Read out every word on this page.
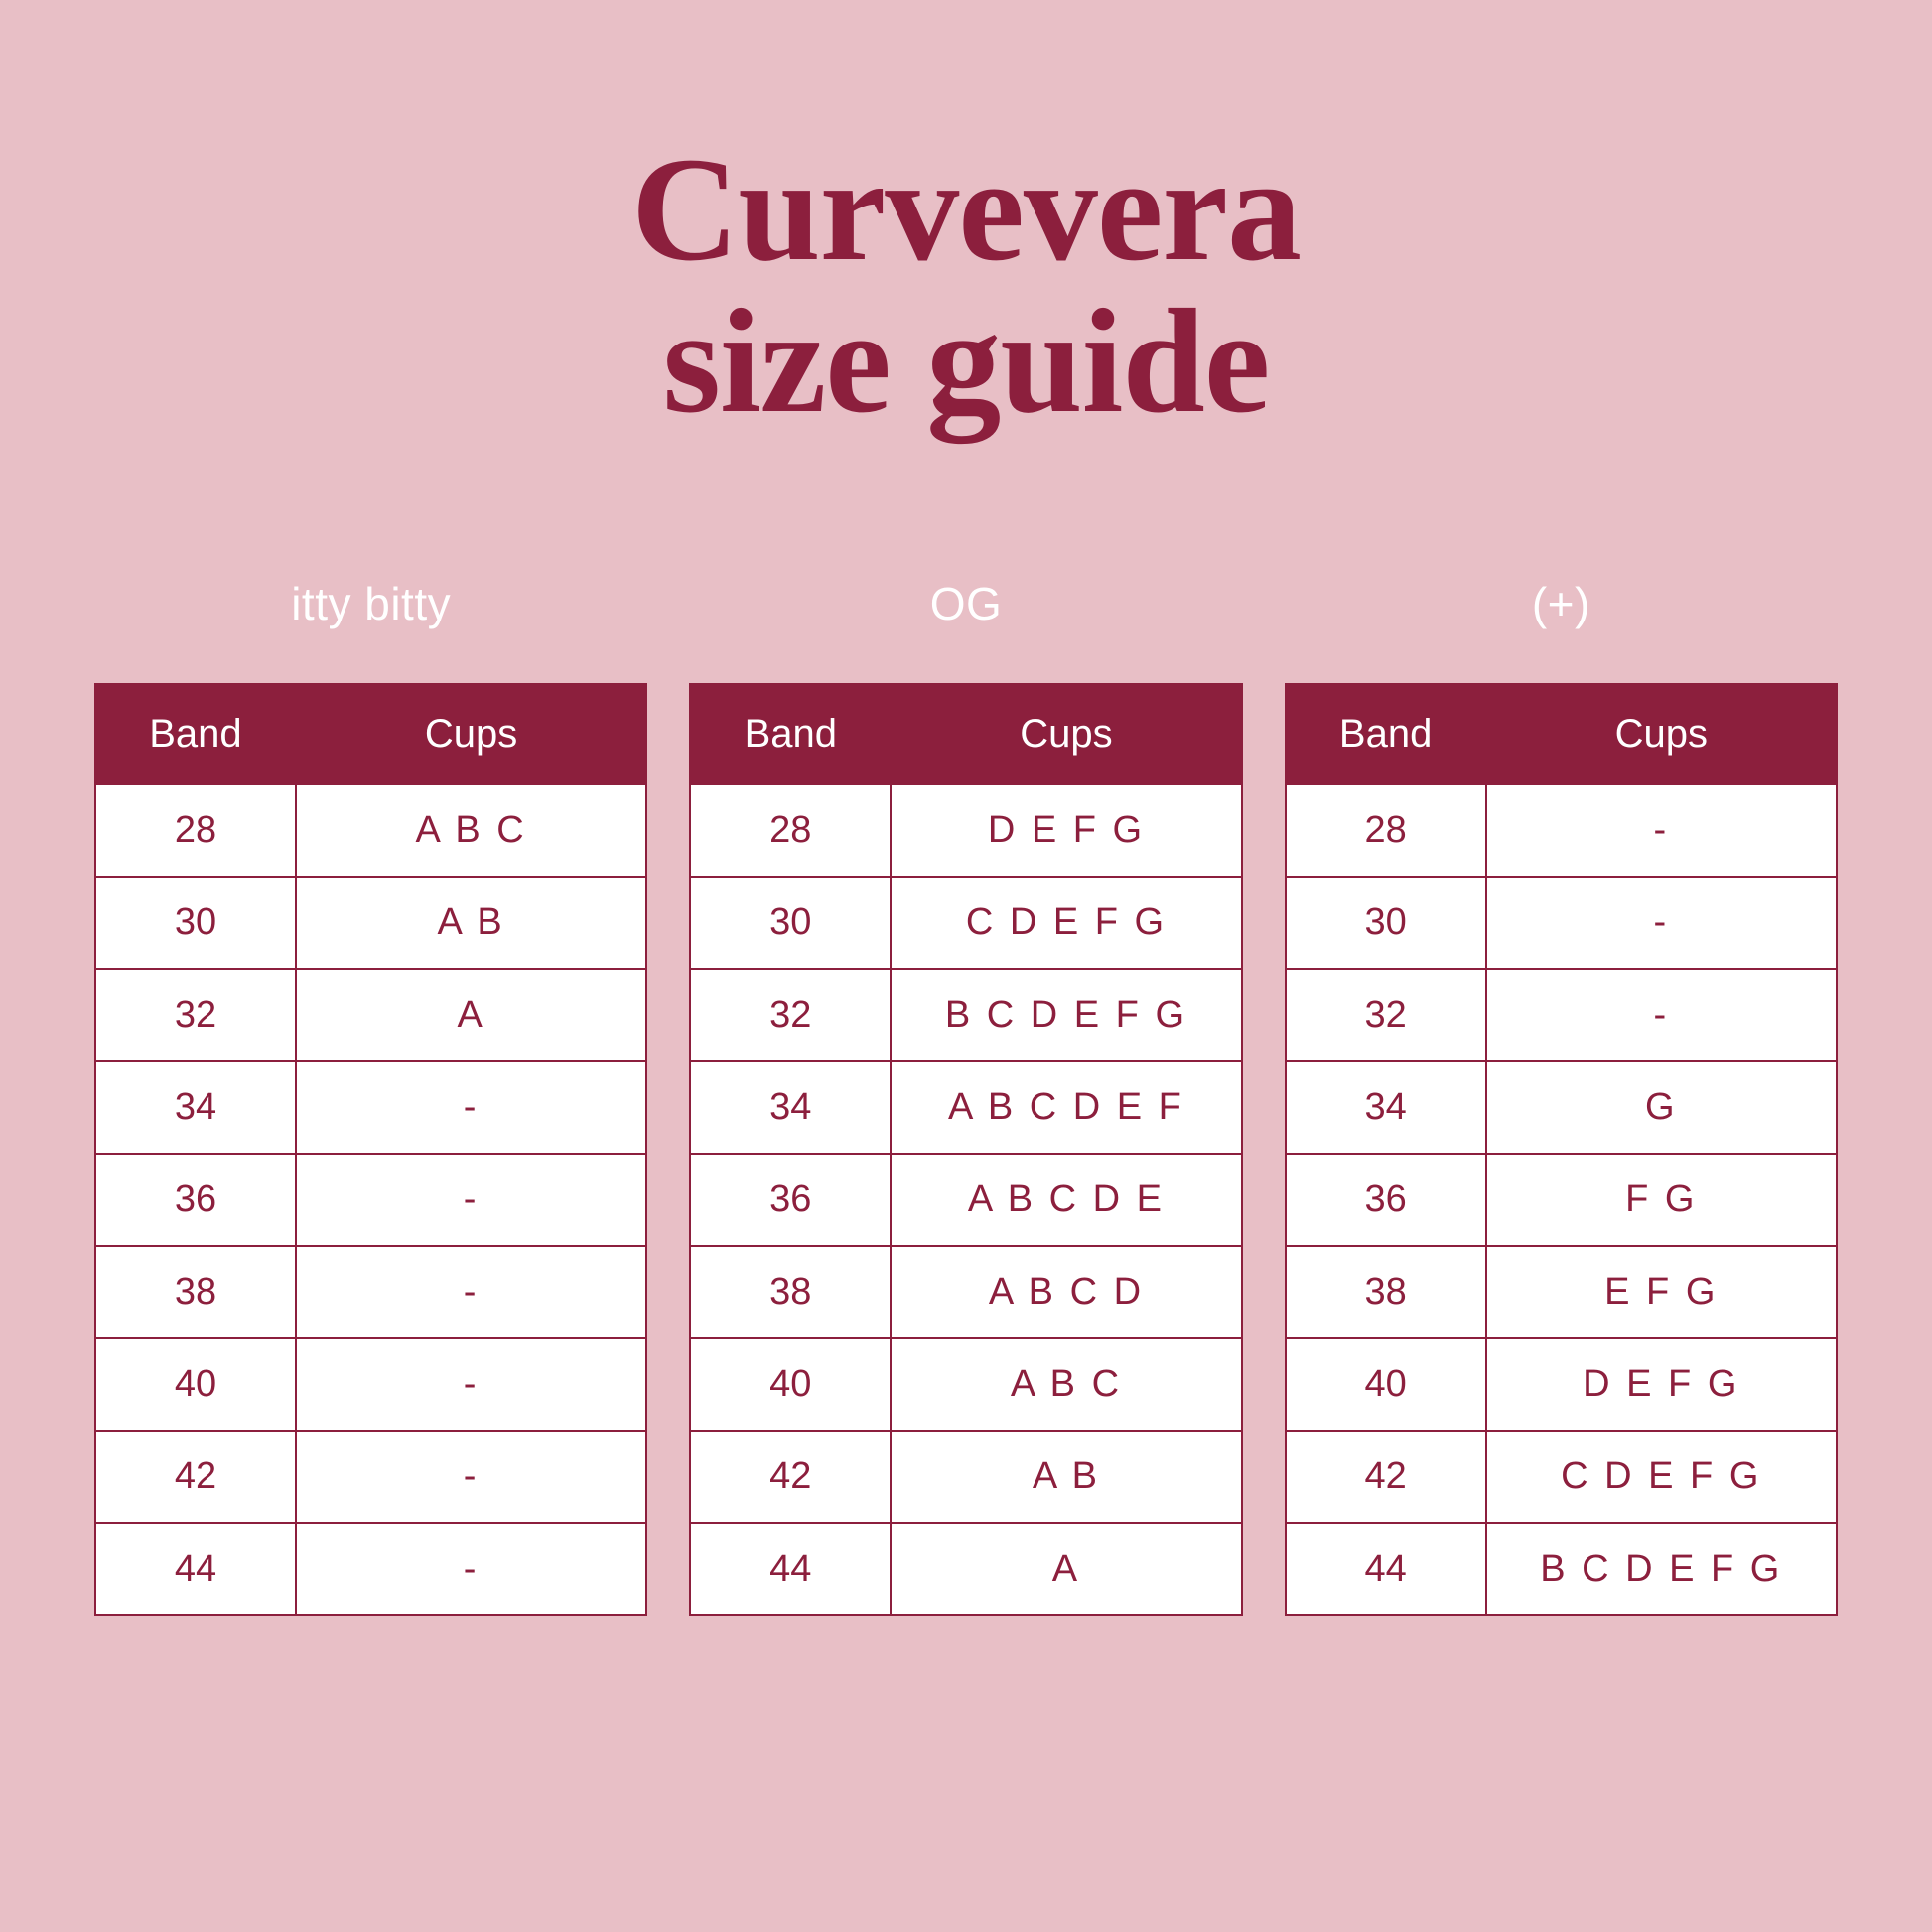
Curvevera
size guide
itty bitty
Band	Cups
28	A B C
30	A B
32	A
34	-
36	-
38	-
40	-
42	-
44	-
OG
Band	Cups
28	D E F G
30	C D E F G
32	B C D E F G
34	A B C D E F
36	A B C D E
38	A B C D
40	A B C
42	A B
44	A
(+)
Band	Cups
28	-
30	-
32	-
34	G
36	F G
38	E F G
40	D E F G
42	C D E F G
44	B C D E F G
